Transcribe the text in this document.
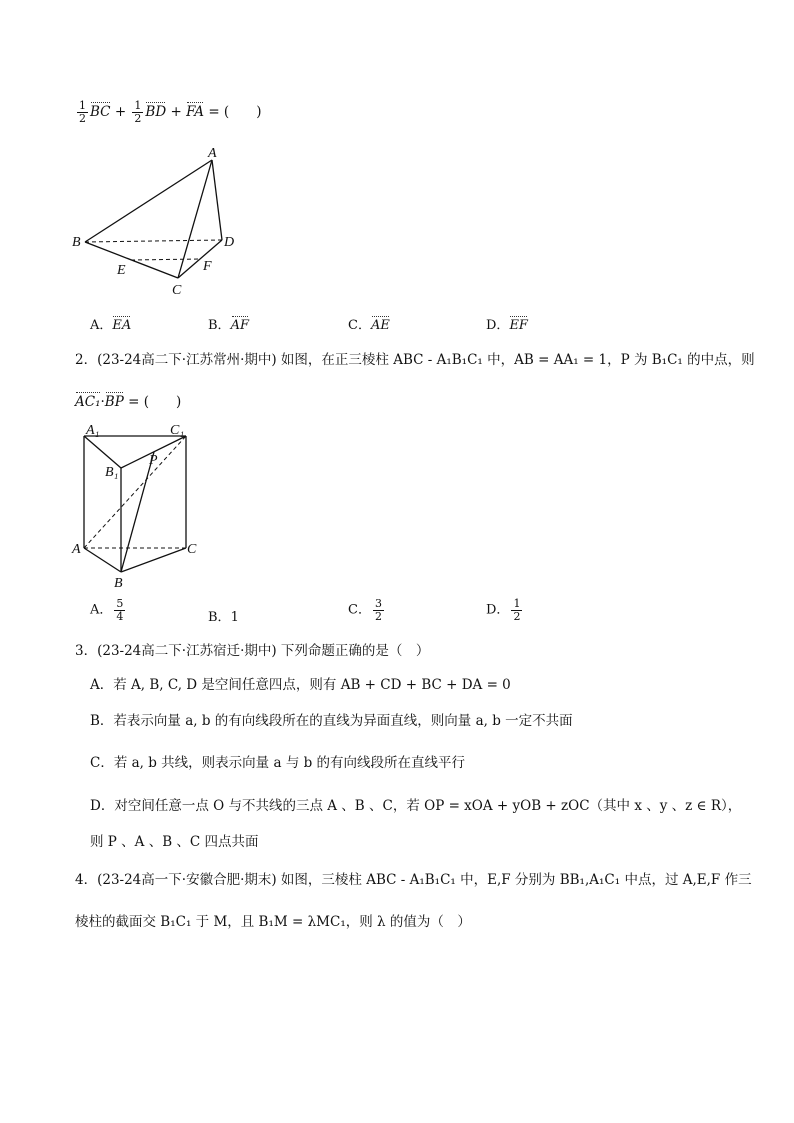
$\frac{1}{2}$ BC + $\frac{1}{2}$ BD + FA = (　　)
A
B
C
D
E	F
A．EA	B．AF	C．AE	D．EF
2．(23-24高二下·江苏常州·期中) 如图，在正三棱柱 ABC - A₁B₁C₁ 中，AB = AA₁ = 1，P 为 B₁C₁ 的中点，则
AC₁·BP = (　　)
A₁	C₁
B₁
P
A
B
C
A． $\frac{5}{4}$	B．1	C． $\frac{3}{2}$	D． $\frac{1}{2}$
3．(23-24高二下·江苏宿迁·期中) 下列命题正确的是（　）
A．若 A, B, C, D 是空间任意四点，则有 AB + CD + BC + DA = 0
B．若表示向量 a, b 的有向线段所在的直线为异面直线，则向量 a, b 一定不共面
C．若 a, b 共线，则表示向量 a 与 b 的有向线段所在直线平行
D．对空间任意一点 O 与不共线的三点 A 、B 、C，若 OP = xOA + yOB + zOC（其中 x 、y 、z ∈ R），
则 P 、A 、B 、C 四点共面
4．(23-24高一下·安徽合肥·期末) 如图，三棱柱 ABC - A₁B₁C₁ 中，E,F 分别为 BB₁,A₁C₁ 中点，过 A,E,F 作三
棱柱的截面交 B₁C₁ 于 M，且 B₁M = λMC₁，则 λ 的值为（　）
